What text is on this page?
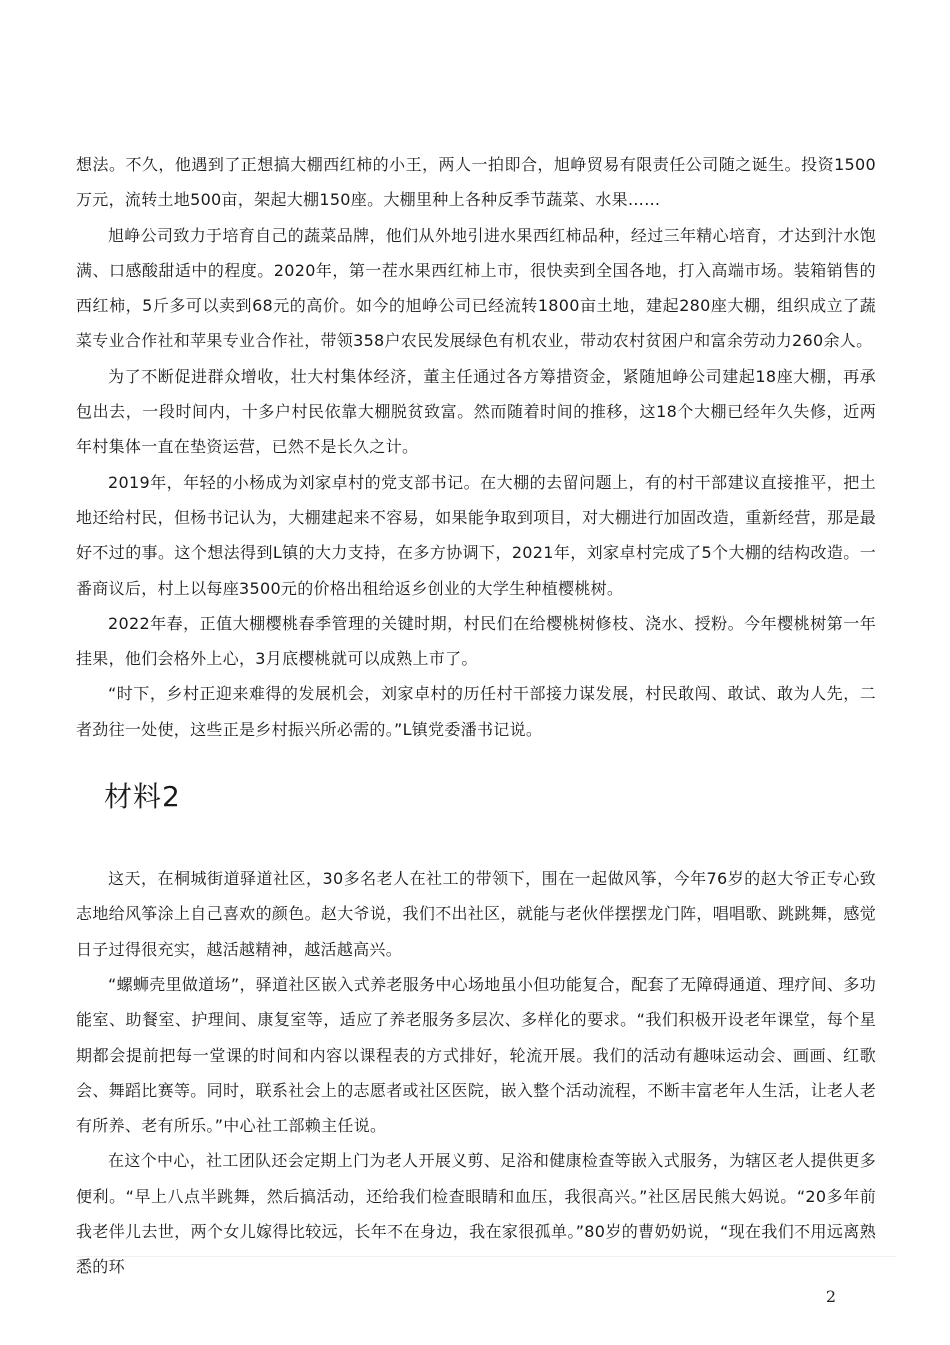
想法。不久，他遇到了正想搞大棚西红柿的小王，两人一拍即合，旭峥贸易有限责任公司随之诞生。投资1500万元，流转土地500亩，架起大棚150座。大棚里种上各种反季节蔬菜、水果……

旭峥公司致力于培育自己的蔬菜品牌，他们从外地引进水果西红柿品种，经过三年精心培育，才达到汁水饱满、口感酸甜适中的程度。2020年，第一茬水果西红柿上市，很快卖到全国各地，打入高端市场。装箱销售的西红柿，5斤多可以卖到68元的高价。如今的旭峥公司已经流转1800亩土地，建起280座大棚，组织成立了蔬菜专业合作社和苹果专业合作社，带领358户农民发展绿色有机农业，带动农村贫困户和富余劳动力260余人。

为了不断促进群众增收，壮大村集体经济，董主任通过各方筹措资金，紧随旭峥公司建起18座大棚，再承包出去，一段时间内，十多户村民依靠大棚脱贫致富。然而随着时间的推移，这18个大棚已经年久失修，近两年村集体一直在垫资运营，已然不是长久之计。

2019年，年轻的小杨成为刘家卓村的党支部书记。在大棚的去留问题上，有的村干部建议直接推平，把土地还给村民，但杨书记认为，大棚建起来不容易，如果能争取到项目，对大棚进行加固改造，重新经营，那是最好不过的事。这个想法得到L镇的大力支持，在多方协调下，2021年，刘家卓村完成了5个大棚的结构改造。一番商议后，村上以每座3500元的价格出租给返乡创业的大学生种植樱桃树。

2022年春，正值大棚樱桃春季管理的关键时期，村民们在给樱桃树修枝、浇水、授粉。今年樱桃树第一年挂果，他们会格外上心，3月底樱桃就可以成熟上市了。

“时下，乡村正迎来难得的发展机会，刘家卓村的历任村干部接力谋发展，村民敢闯、敢试、敢为人先，二者劲往一处使，这些正是乡村振兴所必需的。”L镇党委潘书记说。

材料2

这天，在桐城街道驿道社区，30多名老人在社工的带领下，围在一起做风筝，今年76岁的赵大爷正专心致志地给风筝涂上自己喜欢的颜色。赵大爷说，我们不出社区，就能与老伙伴摆摆龙门阵，唱唱歌、跳跳舞，感觉日子过得很充实，越活越精神，越活越高兴。

“螺蛳壳里做道场”，驿道社区嵌入式养老服务中心场地虽小但功能复合，配套了无障碍通道、理疗间、多功能室、助餐室、护理间、康复室等，适应了养老服务多层次、多样化的要求。“我们积极开设老年课堂，每个星期都会提前把每一堂课的时间和内容以课程表的方式排好，轮流开展。我们的活动有趣味运动会、画画、红歌会、舞蹈比赛等。同时，联系社会上的志愿者或社区医院，嵌入整个活动流程，不断丰富老年人生活，让老人老有所养、老有所乐。”中心社工部赖主任说。

在这个中心，社工团队还会定期上门为老人开展义剪、足浴和健康检查等嵌入式服务，为辖区老人提供更多便利。“早上八点半跳舞，然后搞活动，还给我们检查眼睛和血压，我很高兴。”社区居民熊大妈说。“20多年前我老伴儿去世，两个女儿嫁得比较远，长年不在身边，我在家很孤单。”80岁的曹奶奶说，“现在我们不用远离熟悉的环

2
